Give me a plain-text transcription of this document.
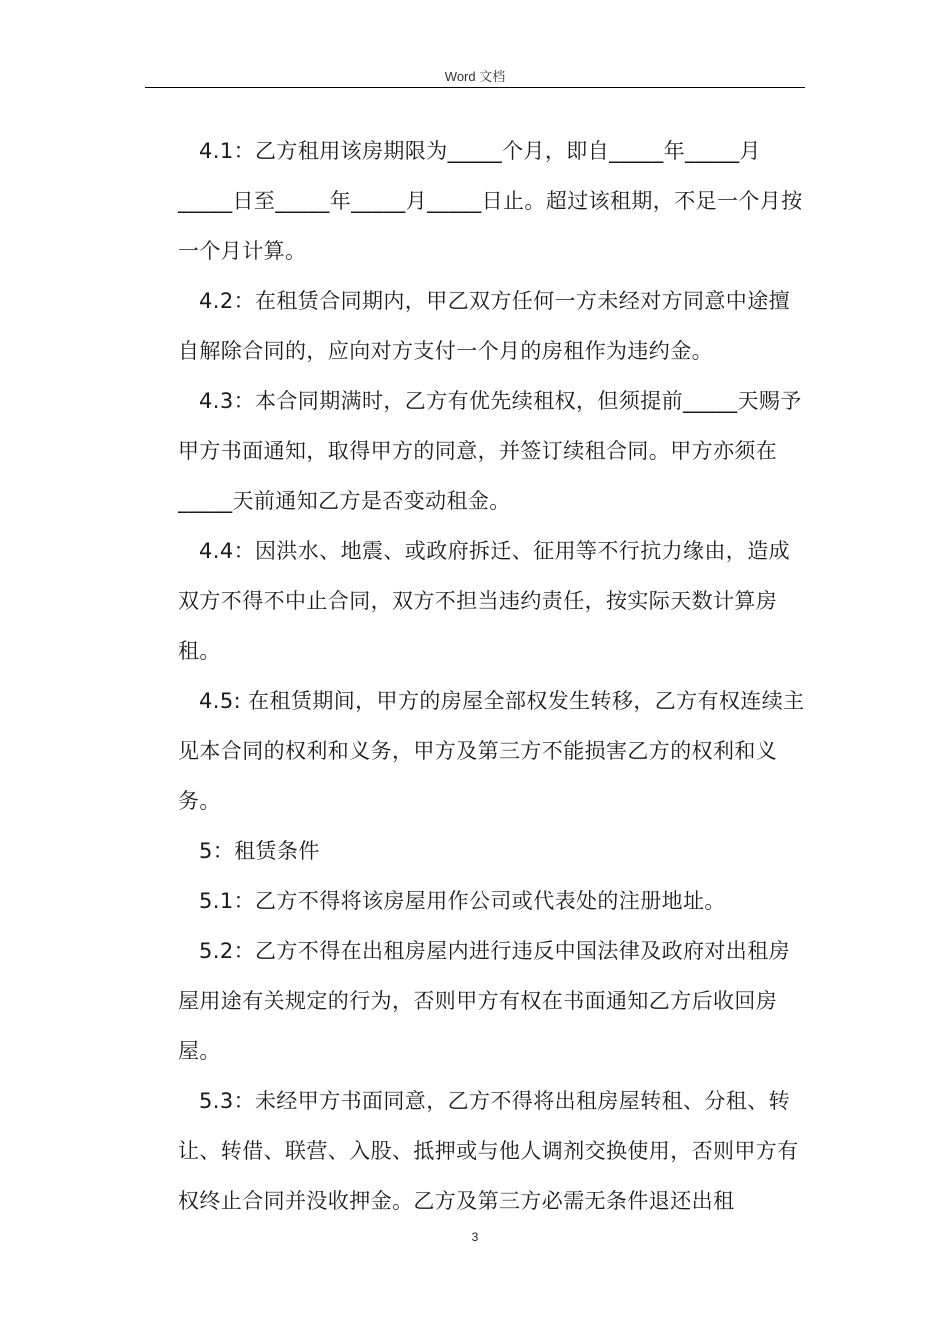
Word 文档

4.1：乙方租用该房期限为_____个月，即自_____年_____月_____日至_____年_____月_____日止。超过该租期，不足一个月按一个月计算。

4.2：在租赁合同期内，甲乙双方任何一方未经对方同意中途擅自解除合同的，应向对方支付一个月的房租作为违约金。

4.3：本合同期满时，乙方有优先续租权，但须提前_____天赐予甲方书面通知，取得甲方的同意，并签订续租合同。甲方亦须在_____天前通知乙方是否变动租金。

4.4：因洪水、地震、或政府拆迁、征用等不行抗力缘由，造成双方不得不中止合同，双方不担当违约责任，按实际天数计算房租。

4.5: 在租赁期间，甲方的房屋全部权发生转移，乙方有权连续主见本合同的权利和义务，甲方及第三方不能损害乙方的权利和义务。

5：租赁条件

5.1：乙方不得将该房屋用作公司或代表处的注册地址。

5.2：乙方不得在出租房屋内进行违反中国法律及政府对出租房屋用途有关规定的行为，否则甲方有权在书面通知乙方后收回房屋。

5.3：未经甲方书面同意，乙方不得将出租房屋转租、分租、转让、转借、联营、入股、抵押或与他人调剂交换使用，否则甲方有权终止合同并没收押金。乙方及第三方必需无条件退还出租

3
